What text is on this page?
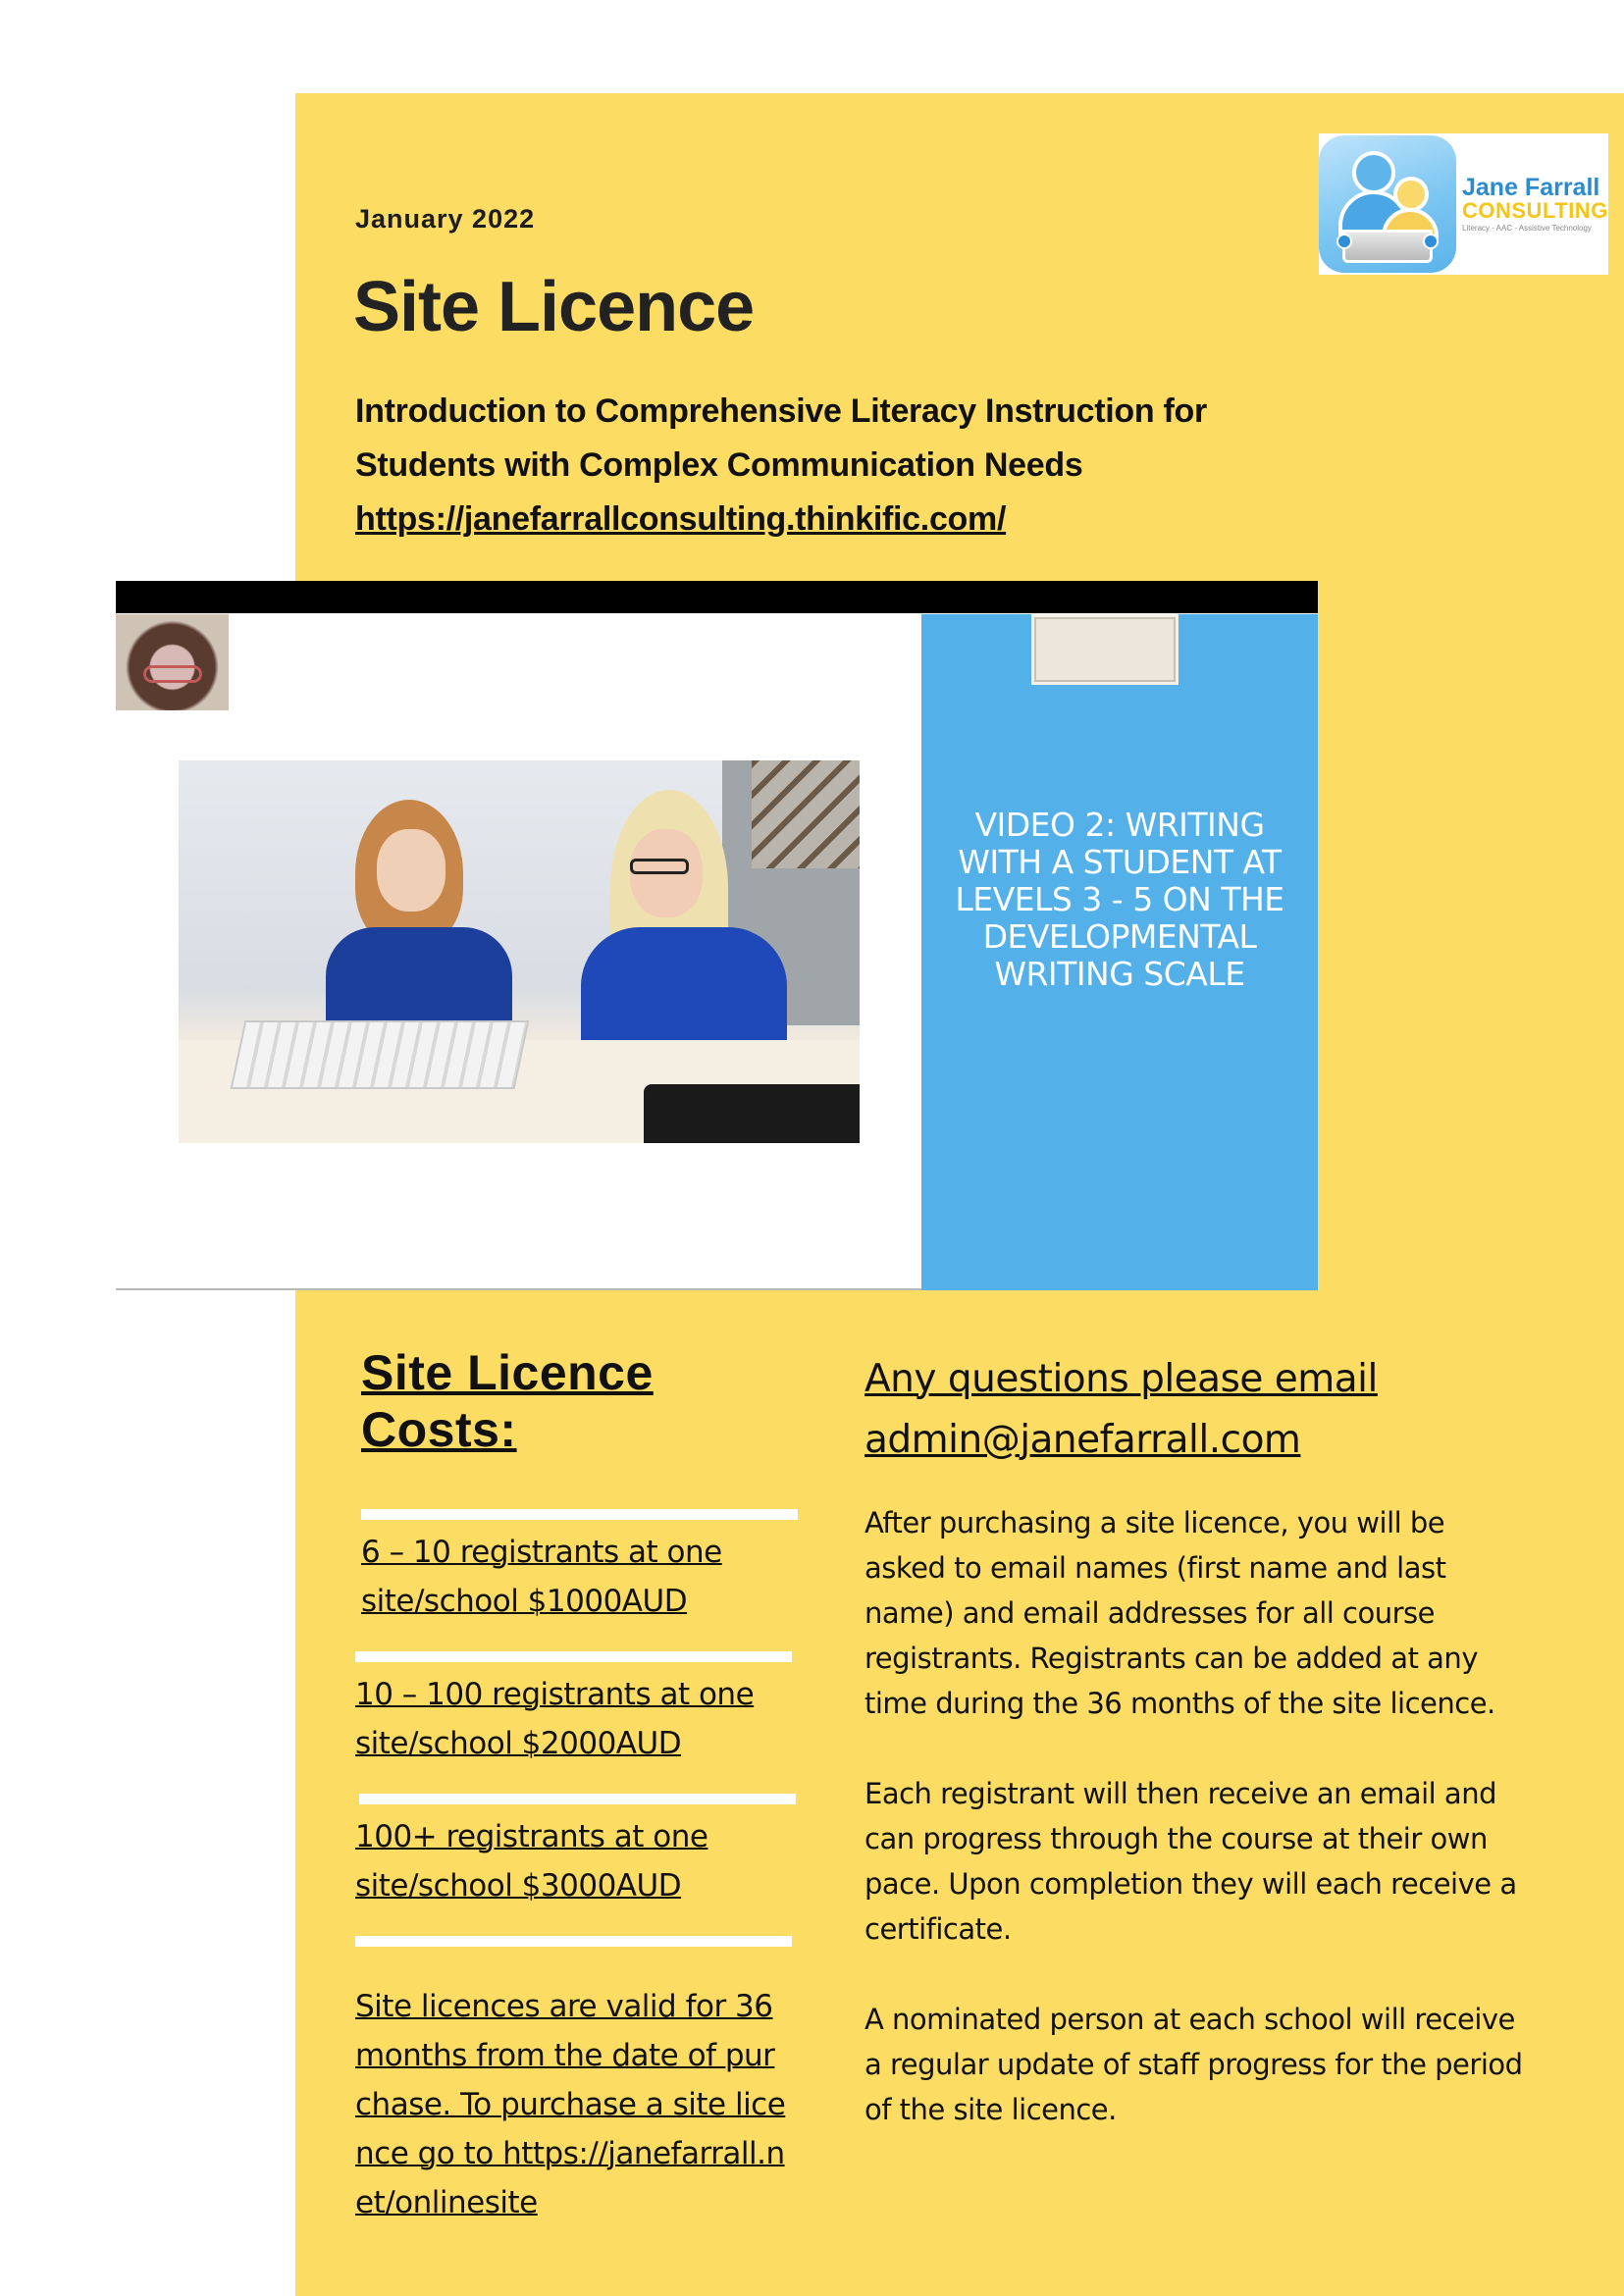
Jane Farrall
CONSULTING
Literacy - AAC - Assistive Technology
January 2022
Site Licence
Introduction to Comprehensive Literacy Instruction for
Students with Complex Communication Needs
https://janefarrallconsulting.thinkific.com/
VIDEO 2: WRITING WITH A STUDENT AT LEVELS 3 - 5 ON THE DEVELOPMENTAL WRITING SCALE
Site Licence Costs:
6 – 10 registrants at one site/school $1000AUD
10 – 100 registrants at one site/school $2000AUD
100+ registrants at one site/school $3000AUD
Site licences are valid for 36 months from the date of purchase. To purchase a site licence go to https://janefarrall.net/onlinesite
Any questions please email admin@janefarrall.com
After purchasing a site licence, you will be asked to email names (first name and last name) and email addresses for all course registrants. Registrants can be added at any time during the 36 months of the site licence.
Each registrant will then receive an email and can progress through the course at their own pace. Upon completion they will each receive a certificate.
A nominated person at each school will receive a regular update of staff progress for the period of the site licence.
